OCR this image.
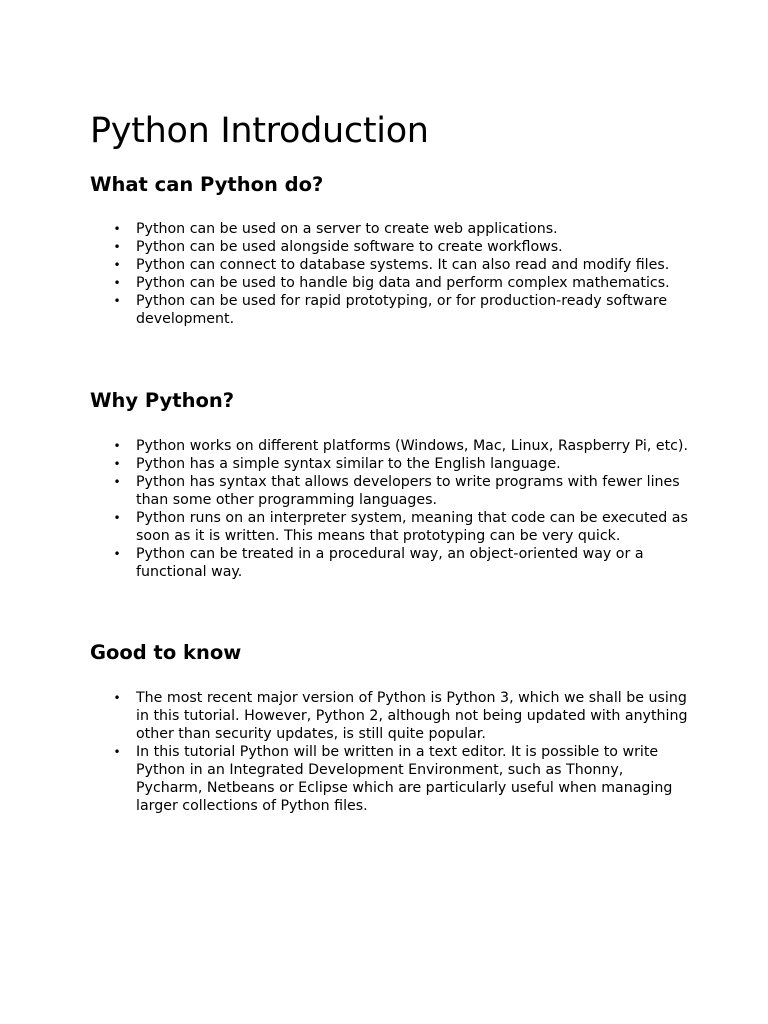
Python Introduction
What can Python do?
• Python can be used on a server to create web applications.
• Python can be used alongside software to create workflows.
• Python can connect to database systems. It can also read and modify files.
• Python can be used to handle big data and perform complex mathematics.
• Python can be used for rapid prototyping, or for production-ready software development.
Why Python?
• Python works on different platforms (Windows, Mac, Linux, Raspberry Pi, etc).
• Python has a simple syntax similar to the English language.
• Python has syntax that allows developers to write programs with fewer lines than some other programming languages.
• Python runs on an interpreter system, meaning that code can be executed as soon as it is written. This means that prototyping can be very quick.
• Python can be treated in a procedural way, an object-oriented way or a functional way.
Good to know
• The most recent major version of Python is Python 3, which we shall be using in this tutorial. However, Python 2, although not being updated with anything other than security updates, is still quite popular.
• In this tutorial Python will be written in a text editor. It is possible to write Python in an Integrated Development Environment, such as Thonny, Pycharm, Netbeans or Eclipse which are particularly useful when managing larger collections of Python files.
